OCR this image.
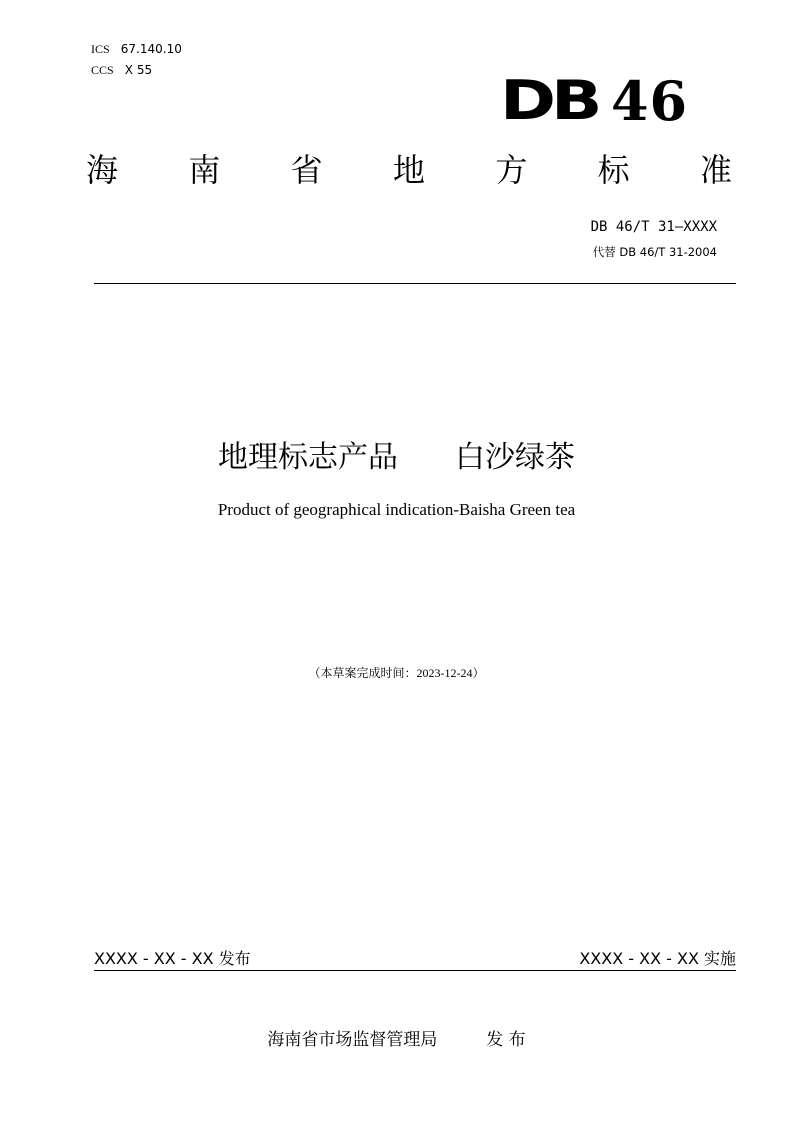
ICS 67.140.10
CCS X 55	DB 46
海 南 省 地 方 标 准
DB 46/T 31—XXXX
代替 DB 46/T 31-2004
地理标志产品 白沙绿茶
Product of geographical indication-Baisha Green tea
（本草案完成时间：2023-12-24）
XXXX - XX - XX 发布	XXXX - XX - XX 实施
海南省市场监督管理局	发 布
